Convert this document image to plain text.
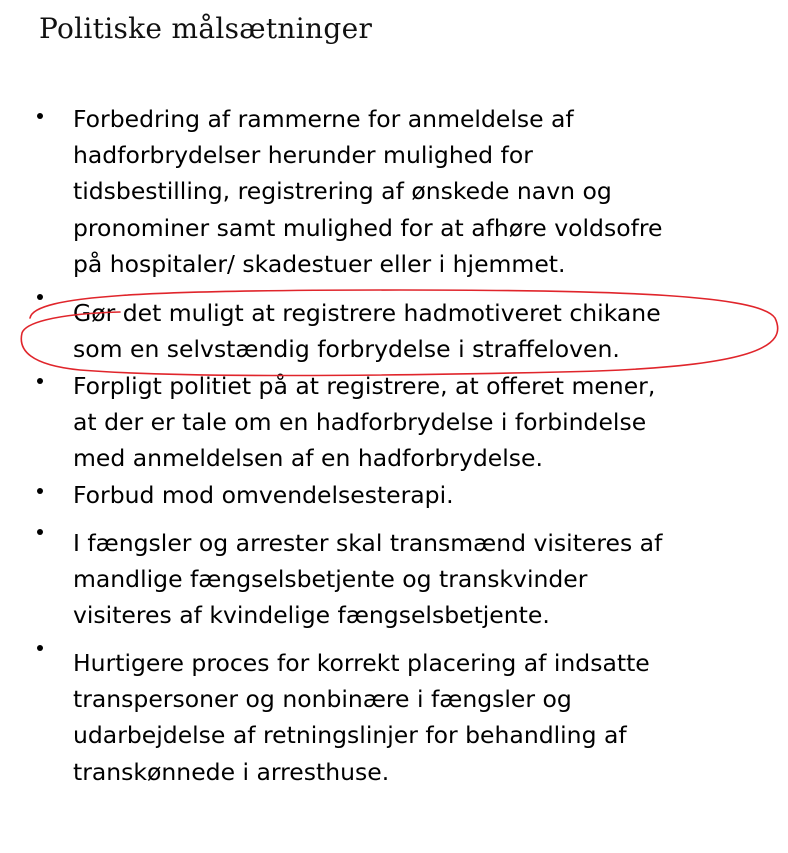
Politiske målsætninger

Forbedring af rammerne for anmeldelse af
hadforbrydelser herunder mulighed for
tidsbestilling, registrering af ønskede navn og
pronominer samt mulighed for at afhøre voldsofre
på hospitaler/ skadestuer eller i hjemmet.

Gør det muligt at registrere hadmotiveret chikane
som en selvstændig forbrydelse i straffeloven.

Forpligt politiet på at registrere, at offeret mener,
at der er tale om en hadforbrydelse i forbindelse
med anmeldelsen af en hadforbrydelse.

Forbud mod omvendelsesterapi.

I fængsler og arrester skal transmænd visiteres af
mandlige fængselsbetjente og transkvinder
visiteres af kvindelige fængselsbetjente.

Hurtigere proces for korrekt placering af indsatte
transpersoner og nonbinære i fængsler og
udarbejdelse af retningslinjer for behandling af
transkønnede i arresthuse.
